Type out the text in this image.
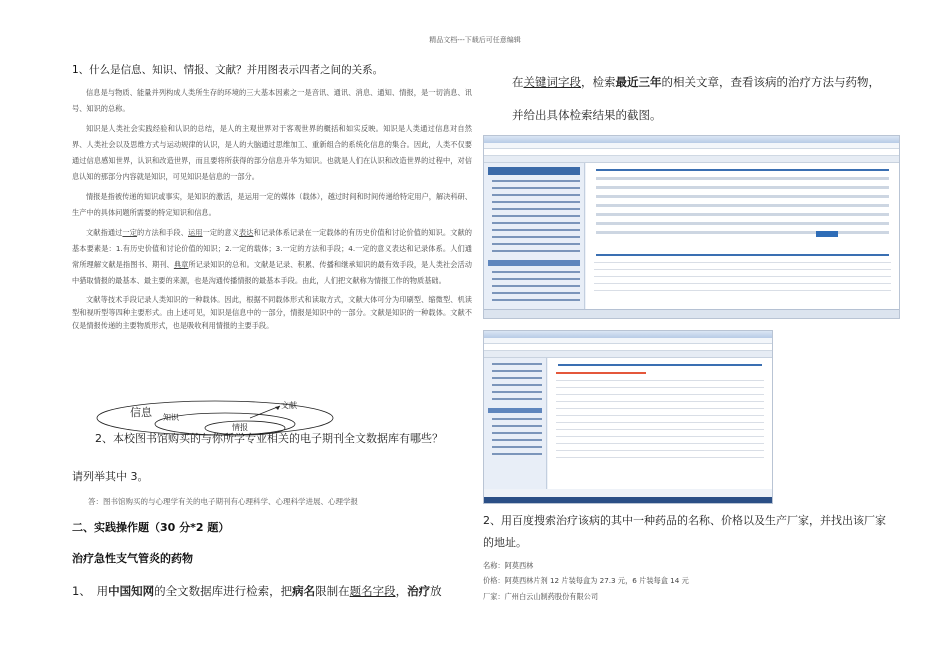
精品文档---下载后可任意编辑
1、什么是信息、知识、情报、文献？并用图表示四者之间的关系。

信息是与物质、能量并列构成人类所生存的环境的三大基本因素之一是音讯、通讯、消息、通知、情报，是一切消息、讯号、知识的总称。

知识是人类社会实践经验和认识的总结，是人的主观世界对于客观世界的概括和如实反映。知识是人类通过信息对自然界、人类社会以及思维方式与运动规律的认识，是人的大脑通过思维加工、重新组合的系统化信息的集合。因此，人类不仅要通过信息感知世界，认识和改造世界，而且要将所获得的部分信息升华为知识。也就是人们在认识和改造世界的过程中，对信息认知的那部分内容就是知识，可见知识是信息的一部分。

情报是指被传递的知识或事实，是知识的激活，是运用一定的媒体（载体），越过时间和时间传递给特定用户，解决科研、生产中的具体问题所需要的特定知识和信息。

文献指通过一定的方法和手段、运用一定的意义表达和记录体系记录在一定载体的有历史价值和讨论价值的知识。文献的基本要素是：1.有历史价值和讨论价值的知识；2.一定的载体；3.一定的方法和手段；4.一定的意义表达和记录体系。人们通常所理解文献是指图书、期刊、典章所记录知识的总和。文献是记录、积累、传播和继承知识的最有效手段，是人类社会活动中猎取情报的最基本、最主要的来源，也是沟通传播情报的最基本手段。由此，人们把文献称为情报工作的物质基础。

文献等技术手段记录人类知识的一种载体。因此，根据不同载体形式和读取方式，文献大体可分为印刷型、缩微型、机读型和视听型等四种主要形式。由上述可见，知识是信息中的一部分，情报是知识中的一部分。文献是知识的一种载体。文献不仅是情报传递的主要物质形式，也是吸收利用情报的主要手段。

信息 知识
情报
文献
2、本校图书馆购买的与你所学专业相关的电子期刊全文数据库有哪些？
请列举其中 3。
答：图书馆购买的与心理学有关的电子期刊有心理科学、心理科学进展、心理学报
二、实践操作题（30 分*2 题）
治疗急性支气管炎的药物
1、　用中国知网的全文数据库进行检索，把病名限制在题名字段，治疗放
在关键词字段，检索最近三年的相关文章，查看该病的治疗方法与药物，并给出具体检索结果的截图。
2、用百度搜索治疗该病的其中一种药品的名称、价格以及生产厂家，并找出该厂家的地址。
名称：阿莫西林
价格：阿莫西林片剂 12 片装每盒为 27.3 元，6 片装每盒 14 元
厂家：广州白云山制药股份有限公司
